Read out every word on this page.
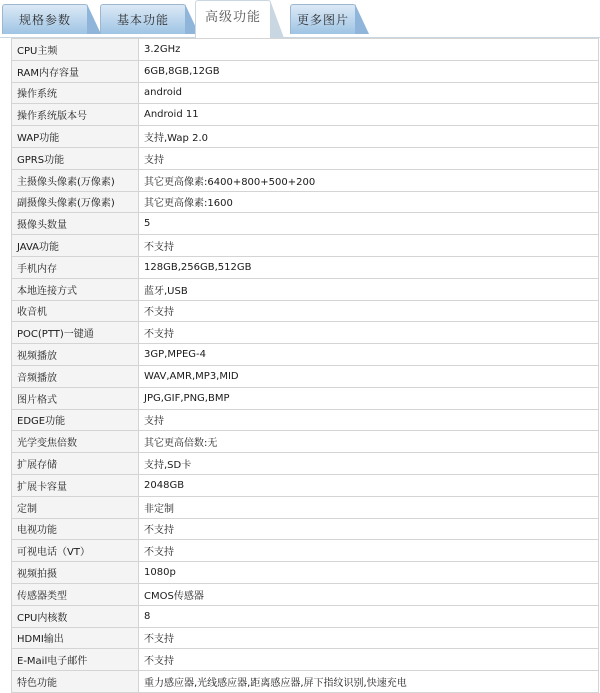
规格参数	基本功能	高级功能	更多图片
CPU主频	3.2GHz
RAM内存容量	6GB,8GB,12GB
操作系统	android
操作系统版本号	Android 11
WAP功能	支持,Wap 2.0
GPRS功能	支持
主摄像头像素(万像素)	其它更高像素:6400+800+500+200
副摄像头像素(万像素)	其它更高像素:1600
摄像头数量	5
JAVA功能	不支持
手机内存	128GB,256GB,512GB
本地连接方式	蓝牙,USB
收音机	不支持
POC(PTT)一键通	不支持
视频播放	3GP,MPEG-4
音频播放	WAV,AMR,MP3,MID
图片格式	JPG,GIF,PNG,BMP
EDGE功能	支持
光学变焦倍数	其它更高倍数:无
扩展存储	支持,SD卡
扩展卡容量	2048GB
定制	非定制
电视功能	不支持
可视电话（VT）	不支持
视频拍摄	1080p
传感器类型	CMOS传感器
CPU内核数	8
HDMI输出	不支持
E-Mail电子邮件	不支持
特色功能	重力感应器,光线感应器,距离感应器,屏下指纹识别,快速充电
